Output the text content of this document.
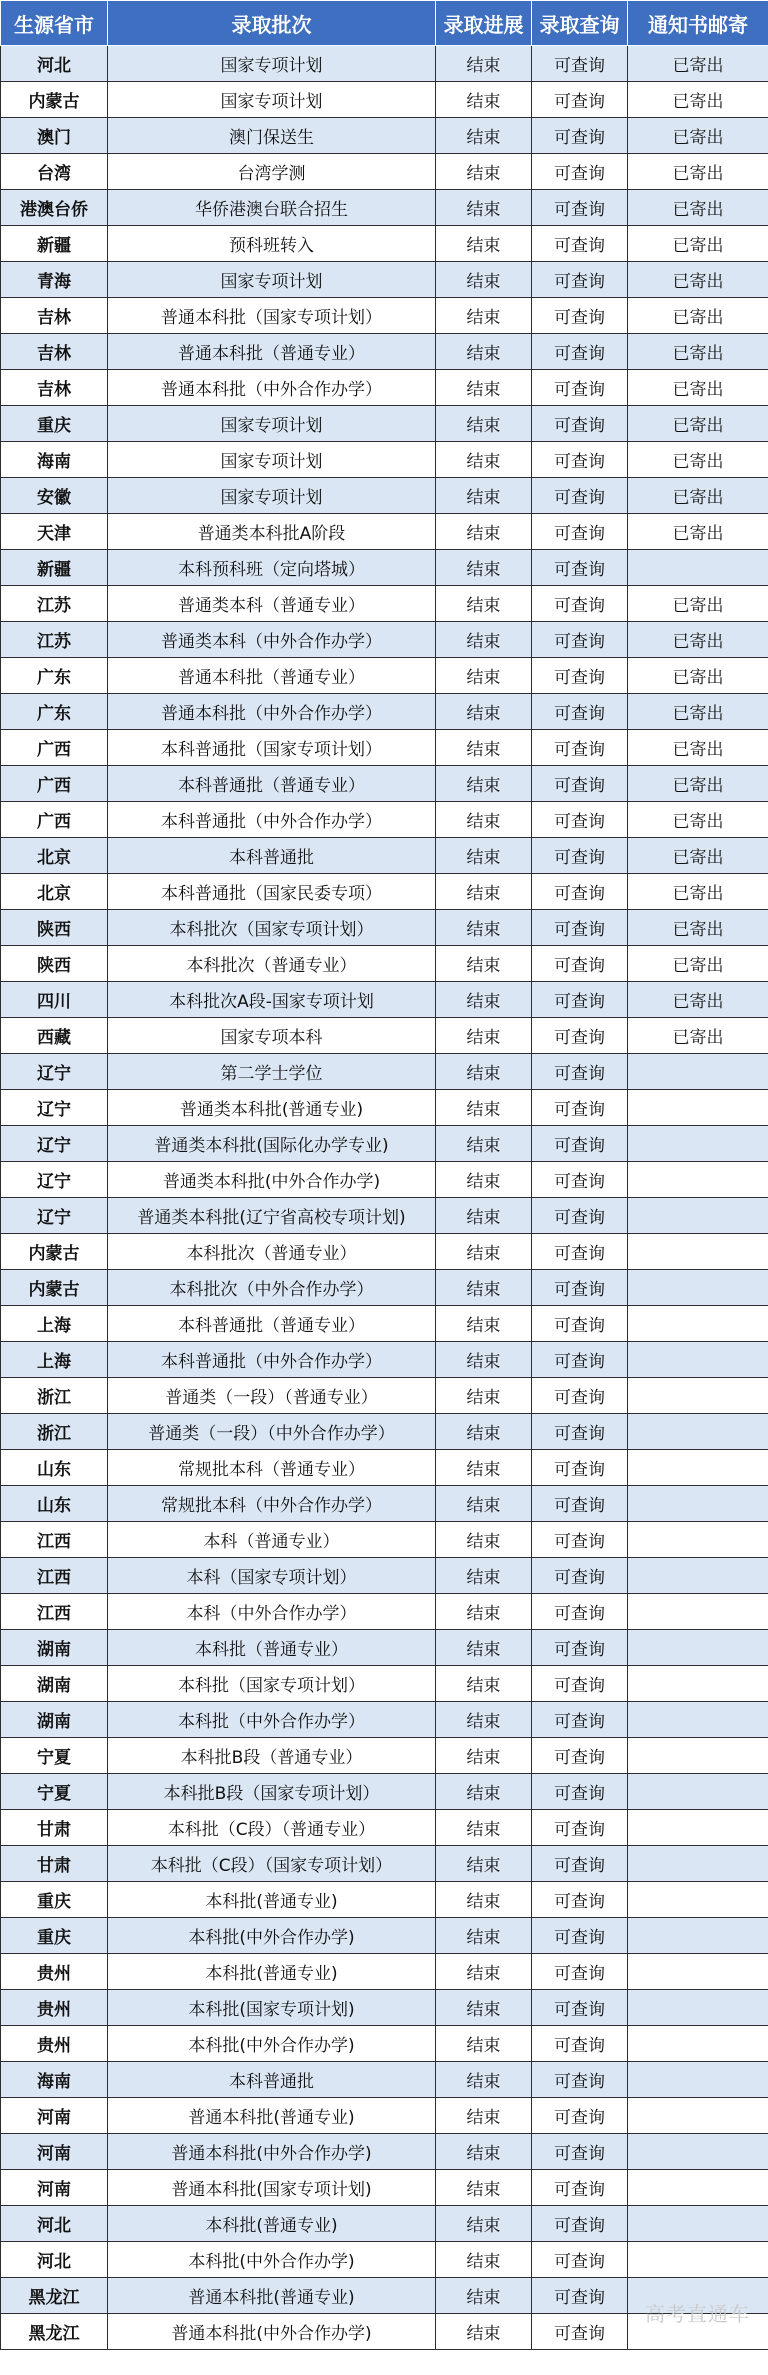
生源省市	录取批次	录取进展	录取查询	通知书邮寄
河北	国家专项计划	结束	可查询	已寄出
内蒙古	国家专项计划	结束	可查询	已寄出
澳门	澳门保送生	结束	可查询	已寄出
台湾	台湾学测	结束	可查询	已寄出
港澳台侨	华侨港澳台联合招生	结束	可查询	已寄出
新疆	预科班转入	结束	可查询	已寄出
青海	国家专项计划	结束	可查询	已寄出
吉林	普通本科批（国家专项计划）	结束	可查询	已寄出
吉林	普通本科批（普通专业）	结束	可查询	已寄出
吉林	普通本科批（中外合作办学）	结束	可查询	已寄出
重庆	国家专项计划	结束	可查询	已寄出
海南	国家专项计划	结束	可查询	已寄出
安徽	国家专项计划	结束	可查询	已寄出
天津	普通类本科批A阶段	结束	可查询	已寄出
新疆	本科预科班（定向塔城）	结束	可查询	
江苏	普通类本科（普通专业）	结束	可查询	已寄出
江苏	普通类本科（中外合作办学）	结束	可查询	已寄出
广东	普通本科批（普通专业）	结束	可查询	已寄出
广东	普通本科批（中外合作办学）	结束	可查询	已寄出
广西	本科普通批（国家专项计划）	结束	可查询	已寄出
广西	本科普通批（普通专业）	结束	可查询	已寄出
广西	本科普通批（中外合作办学）	结束	可查询	已寄出
北京	本科普通批	结束	可查询	已寄出
北京	本科普通批（国家民委专项）	结束	可查询	已寄出
陕西	本科批次（国家专项计划）	结束	可查询	已寄出
陕西	本科批次（普通专业）	结束	可查询	已寄出
四川	本科批次A段-国家专项计划	结束	可查询	已寄出
西藏	国家专项本科	结束	可查询	已寄出
辽宁	第二学士学位	结束	可查询	
辽宁	普通类本科批(普通专业)	结束	可查询	
辽宁	普通类本科批(国际化办学专业)	结束	可查询	
辽宁	普通类本科批(中外合作办学)	结束	可查询	
辽宁	普通类本科批(辽宁省高校专项计划)	结束	可查询	
内蒙古	本科批次（普通专业）	结束	可查询	
内蒙古	本科批次（中外合作办学）	结束	可查询	
上海	本科普通批（普通专业）	结束	可查询	
上海	本科普通批（中外合作办学）	结束	可查询	
浙江	普通类（一段）（普通专业）	结束	可查询	
浙江	普通类（一段）（中外合作办学）	结束	可查询	
山东	常规批本科（普通专业）	结束	可查询	
山东	常规批本科（中外合作办学）	结束	可查询	
江西	本科（普通专业）	结束	可查询	
江西	本科（国家专项计划）	结束	可查询	
江西	本科（中外合作办学）	结束	可查询	
湖南	本科批（普通专业）	结束	可查询	
湖南	本科批（国家专项计划）	结束	可查询	
湖南	本科批（中外合作办学）	结束	可查询	
宁夏	本科批B段（普通专业）	结束	可查询	
宁夏	本科批B段（国家专项计划）	结束	可查询	
甘肃	本科批（C段）（普通专业）	结束	可查询	
甘肃	本科批（C段）（国家专项计划）	结束	可查询	
重庆	本科批(普通专业)	结束	可查询	
重庆	本科批(中外合作办学)	结束	可查询	
贵州	本科批(普通专业)	结束	可查询	
贵州	本科批(国家专项计划)	结束	可查询	
贵州	本科批(中外合作办学)	结束	可查询	
海南	本科普通批	结束	可查询	
河南	普通本科批(普通专业)	结束	可查询	
河南	普通本科批(中外合作办学)	结束	可查询	
河南	普通本科批(国家专项计划)	结束	可查询	
河北	本科批(普通专业)	结束	可查询	
河北	本科批(中外合作办学)	结束	可查询	
黑龙江	普通本科批(普通专业)	结束	可查询	
黑龙江	普通本科批(中外合作办学)	结束	可查询	
高考直通车
